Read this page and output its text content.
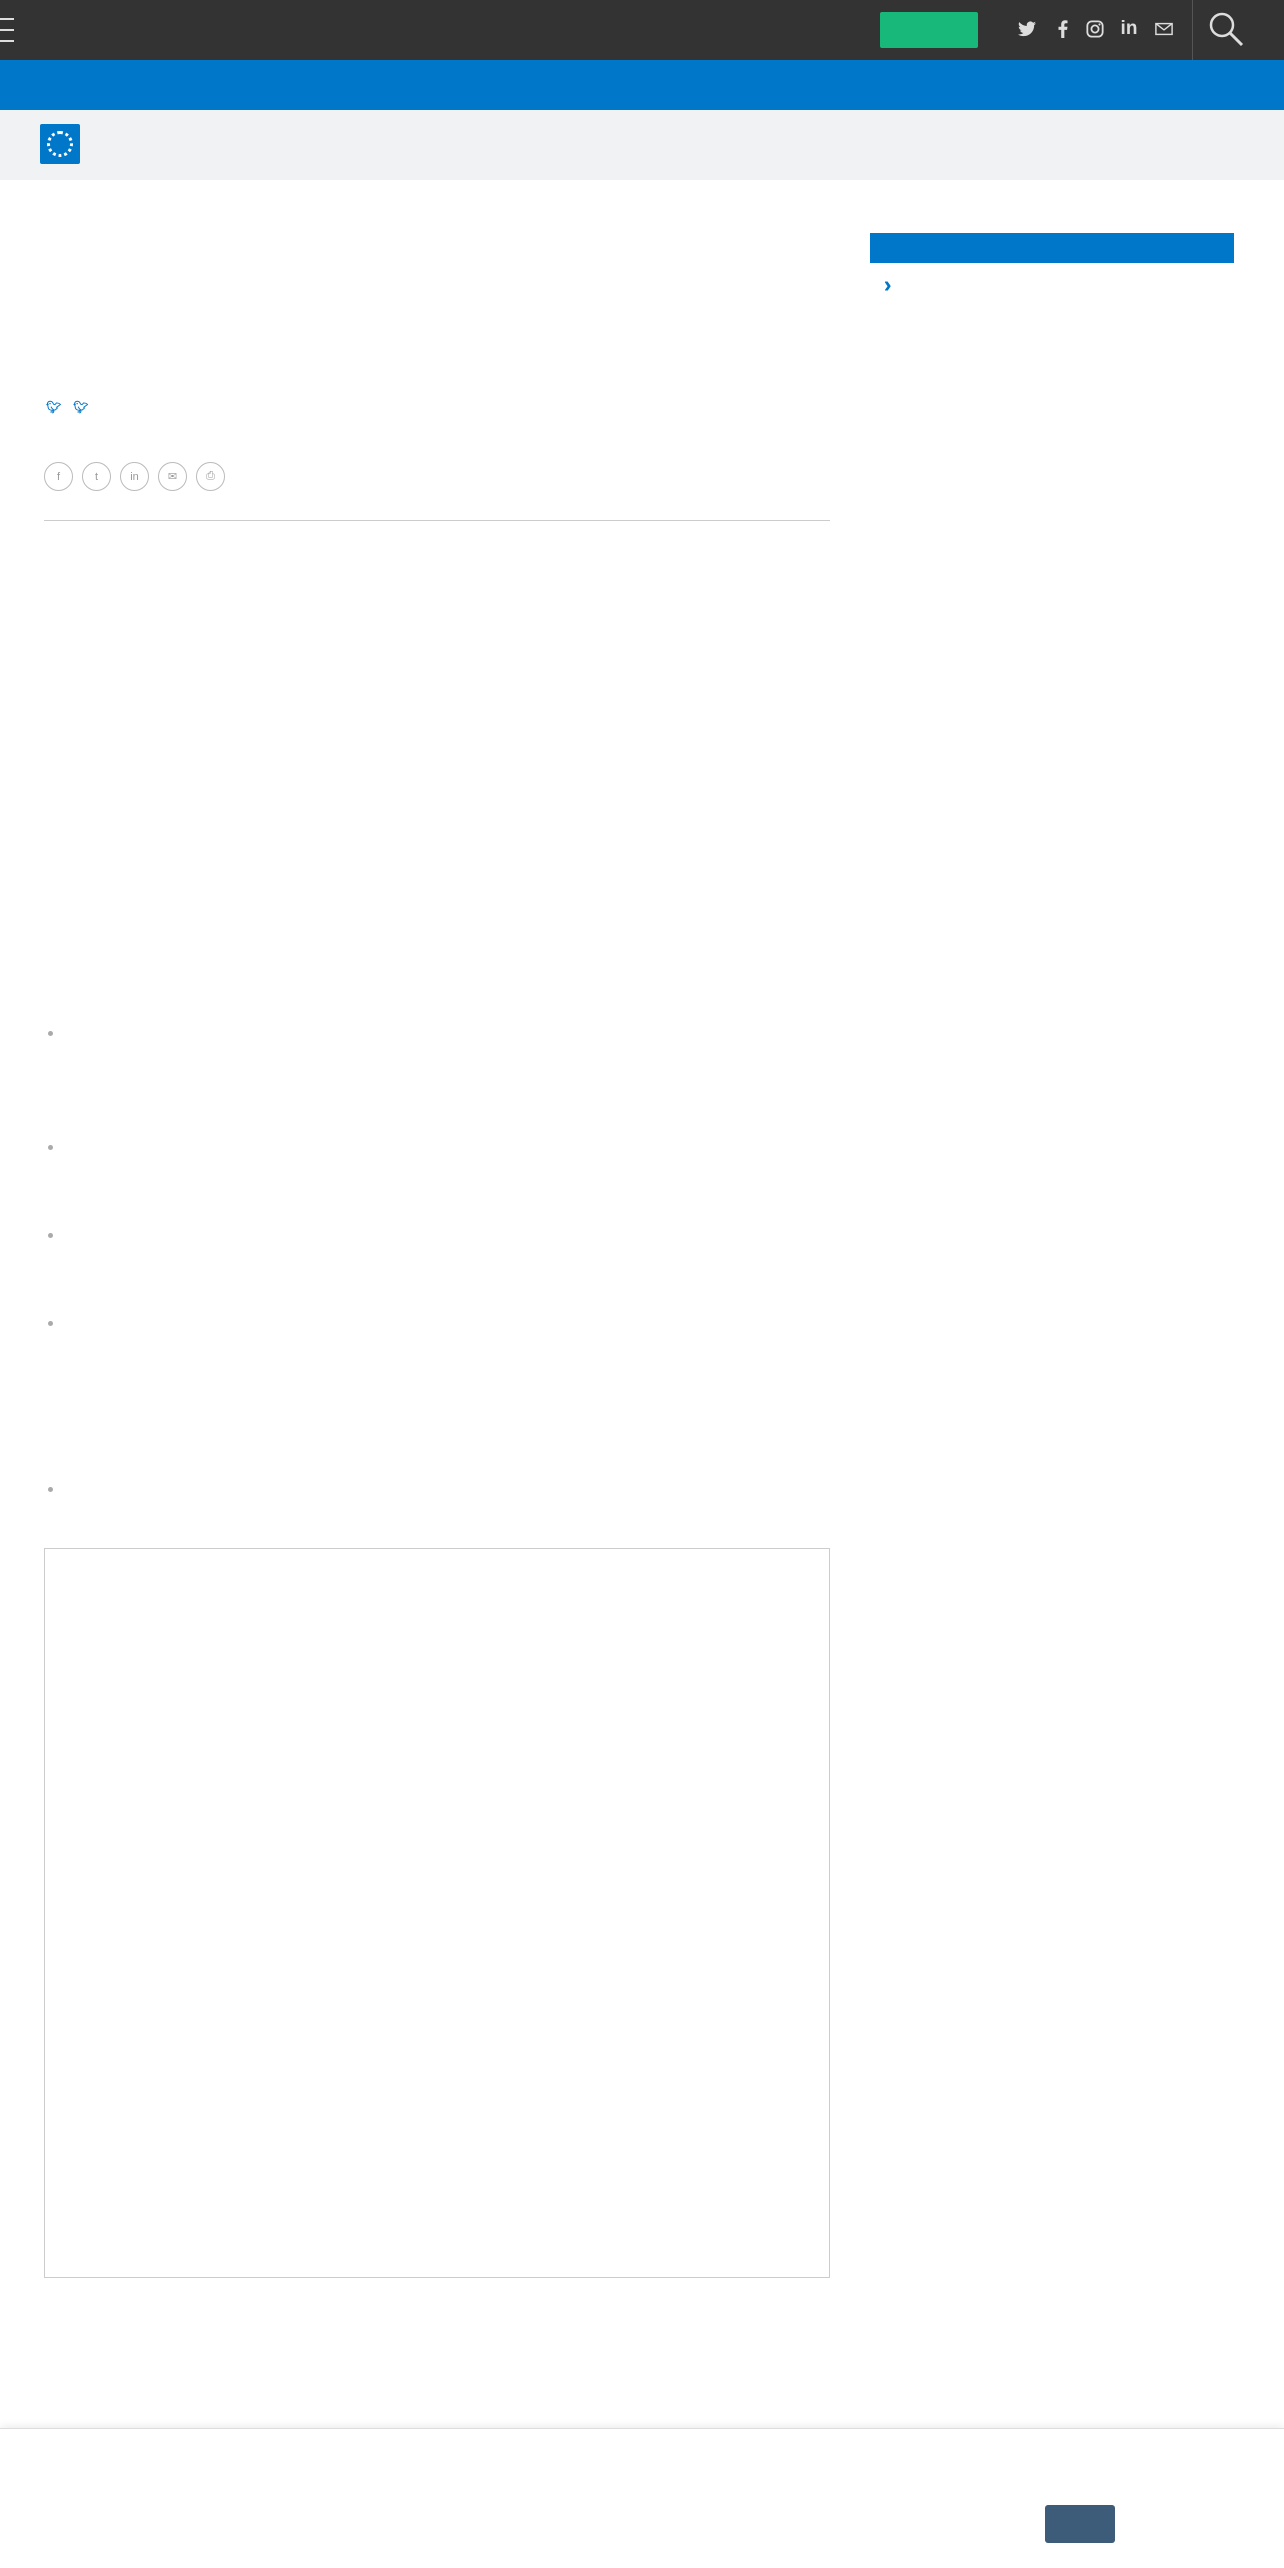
in
🐦︎ 🐦︎
f	t	in	✉︎	⎙
